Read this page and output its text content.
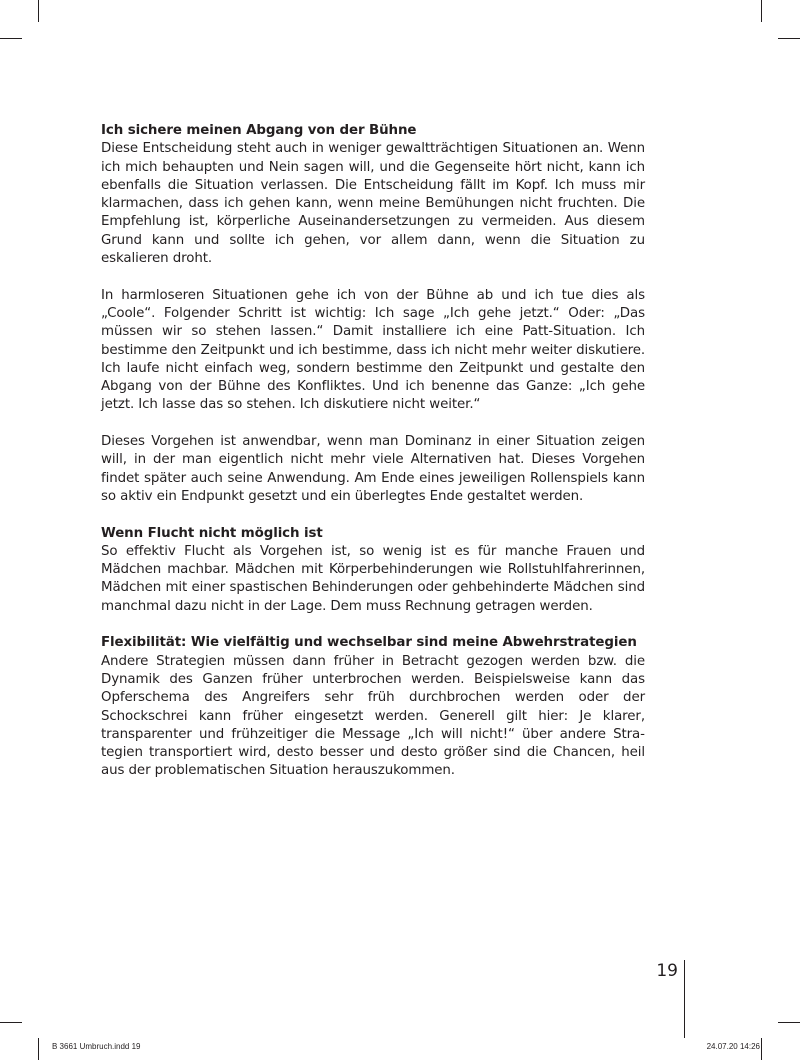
Ich sichere meinen Abgang von der Bühne
Diese Entscheidung steht auch in weniger gewaltträchtigen Situationen an. Wenn ich mich behaupten und Nein sagen will, und die Gegenseite hört nicht, kann ich ebenfalls die Situation verlassen. Die Entscheidung fällt im Kopf. Ich muss mir klarmachen, dass ich gehen kann, wenn meine Bemühungen nicht fruchten. Die Empfehlung ist, körperliche Auseinandersetzungen zu vermeiden. Aus diesem Grund kann und sollte ich gehen, vor allem dann, wenn die Situation zu eskalieren droht.
In harmloseren Situationen gehe ich von der Bühne ab und ich tue dies als „Coole“. Folgender Schritt ist wichtig: Ich sage „Ich gehe jetzt.“ Oder: „Das müssen wir so stehen lassen.“ Damit installiere ich eine Patt-Situation. Ich bestimme den Zeitpunkt und ich bestimme, dass ich nicht mehr weiter diskutiere. Ich laufe nicht einfach weg, sondern bestimme den Zeitpunkt und gestalte den Abgang von der Bühne des Konfliktes. Und ich benenne das Ganze: „Ich gehe jetzt. Ich lasse das so stehen. Ich diskutiere nicht weiter.“
Dieses Vorgehen ist anwendbar, wenn man Dominanz in einer Situation zeigen will, in der man eigentlich nicht mehr viele Alternativen hat. Dieses Vorgehen findet später auch seine Anwendung. Am Ende eines jeweiligen Rollenspiels kann so aktiv ein Endpunkt gesetzt und ein überlegtes Ende gestaltet werden.
Wenn Flucht nicht möglich ist
So effektiv Flucht als Vorgehen ist, so wenig ist es für manche Frauen und Mädchen machbar. Mädchen mit Körperbehinderungen wie Rollstuhlfahrerinnen, Mädchen mit einer spastischen Behinderungen oder gehbehinderte Mädchen sind manchmal dazu nicht in der Lage. Dem muss Rechnung getragen werden.
Flexibilität: Wie vielfältig und wechselbar sind meine Abwehrstrategien
Andere Strategien müssen dann früher in Betracht gezogen werden bzw. die Dynamik des Ganzen früher unterbrochen werden. Beispielsweise kann das Opferschema des Angreifers sehr früh durchbrochen werden oder der Schockschrei kann früher eingesetzt werden. Generell gilt hier: Je klarer, transparenter und frühzeitiger die Message „Ich will nicht!“ über andere Strategien transportiert wird, desto besser und desto größer sind die Chancen, heil aus der problematischen Situation herauszukommen.
19
B 3661 Umbruch.indd 19	24.07.20 14:26
